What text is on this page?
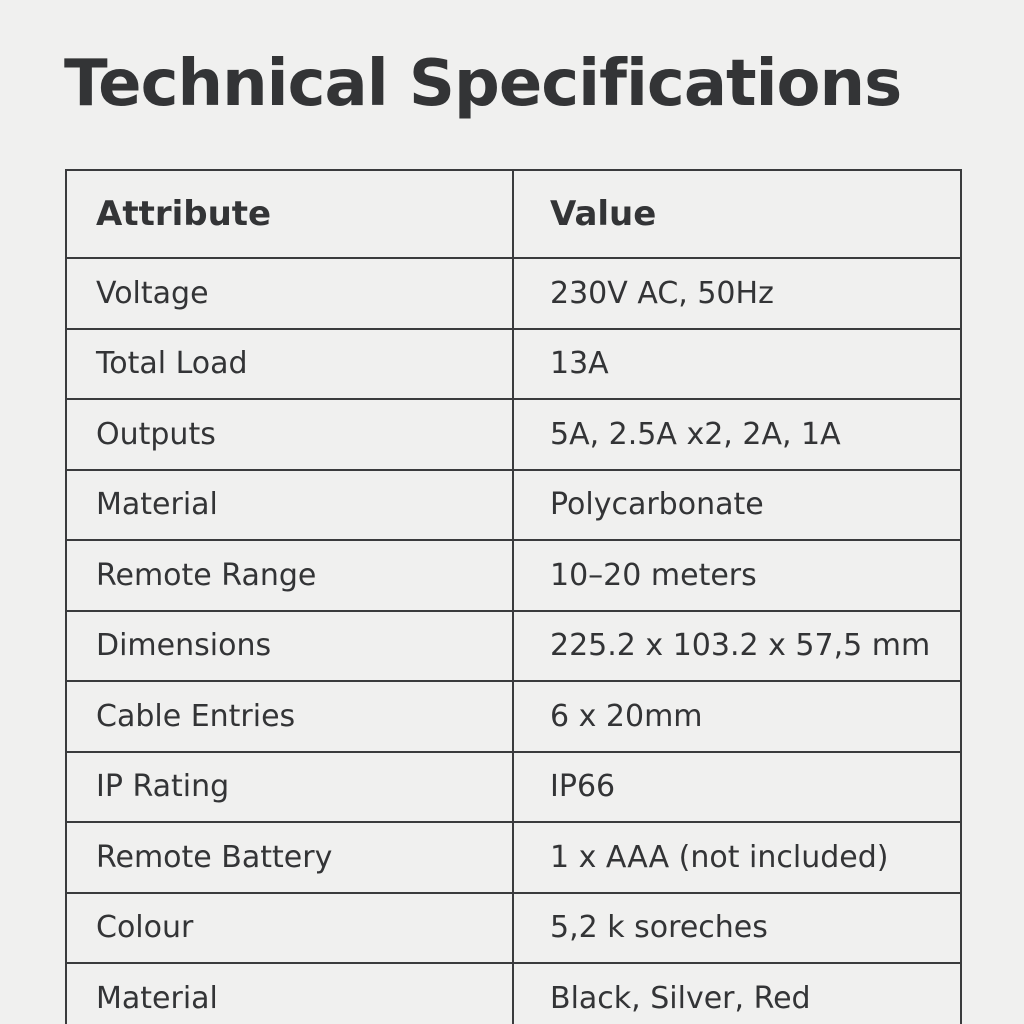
Technical Specifications
Attribute	Value
Voltage	230V AC, 50Hz
Total Load	13A
Outputs	5A, 2.5A x2, 2A, 1A
Material	Polycarbonate
Remote Range	10–20 meters
Dimensions	225.2 x 103.2 x 57,5 mm
Cable Entries	6 x 20mm
IP Rating	IP66
Remote Battery	1 x AAA (not included)
Colour	5,2 k soreches
Material	Black, Silver, Red
